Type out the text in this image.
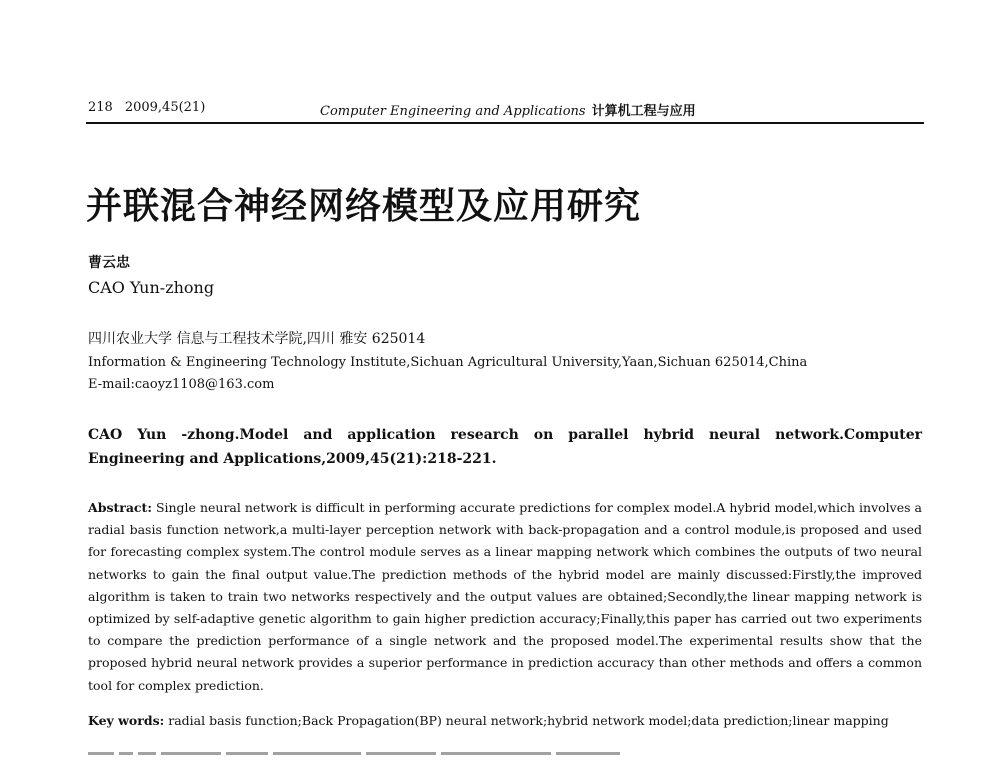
218 2009,45(21)	Computer Engineering and Applications 计算机工程与应用
并联混合神经网络模型及应用研究
曹云忠
CAO Yun-zhong
四川农业大学 信息与工程技术学院,四川 雅安 625014
Information & Engineering Technology Institute,Sichuan Agricultural University,Yaan,Sichuan 625014,China
E-mail:caoyz1108@163.com
CAO Yun -zhong.Model and application research on parallel hybrid neural network.Computer Engineering and Applications,2009,45(21):218-221.
Abstract: Single neural network is difficult in performing accurate predictions for complex model.A hybrid model,which involves a radial basis function network,a multi-layer perception network with back-propagation and a control module,is proposed and used for forecasting complex system.The control module serves as a linear mapping network which combines the outputs of two neural networks to gain the final output value.The prediction methods of the hybrid model are mainly discussed:Firstly,the improved algorithm is taken to train two networks respectively and the output values are obtained;Secondly,the linear mapping network is optimized by self-adaptive genetic algorithm to gain higher prediction accuracy;Finally,this paper has carried out two experiments to compare the prediction performance of a single network and the proposed model.The experimental results show that the proposed hybrid neural network provides a superior performance in prediction accuracy than other methods and offers a common tool for complex prediction.
Key words: radial basis function;Back Propagation(BP) neural network;hybrid network model;data prediction;linear mapping
